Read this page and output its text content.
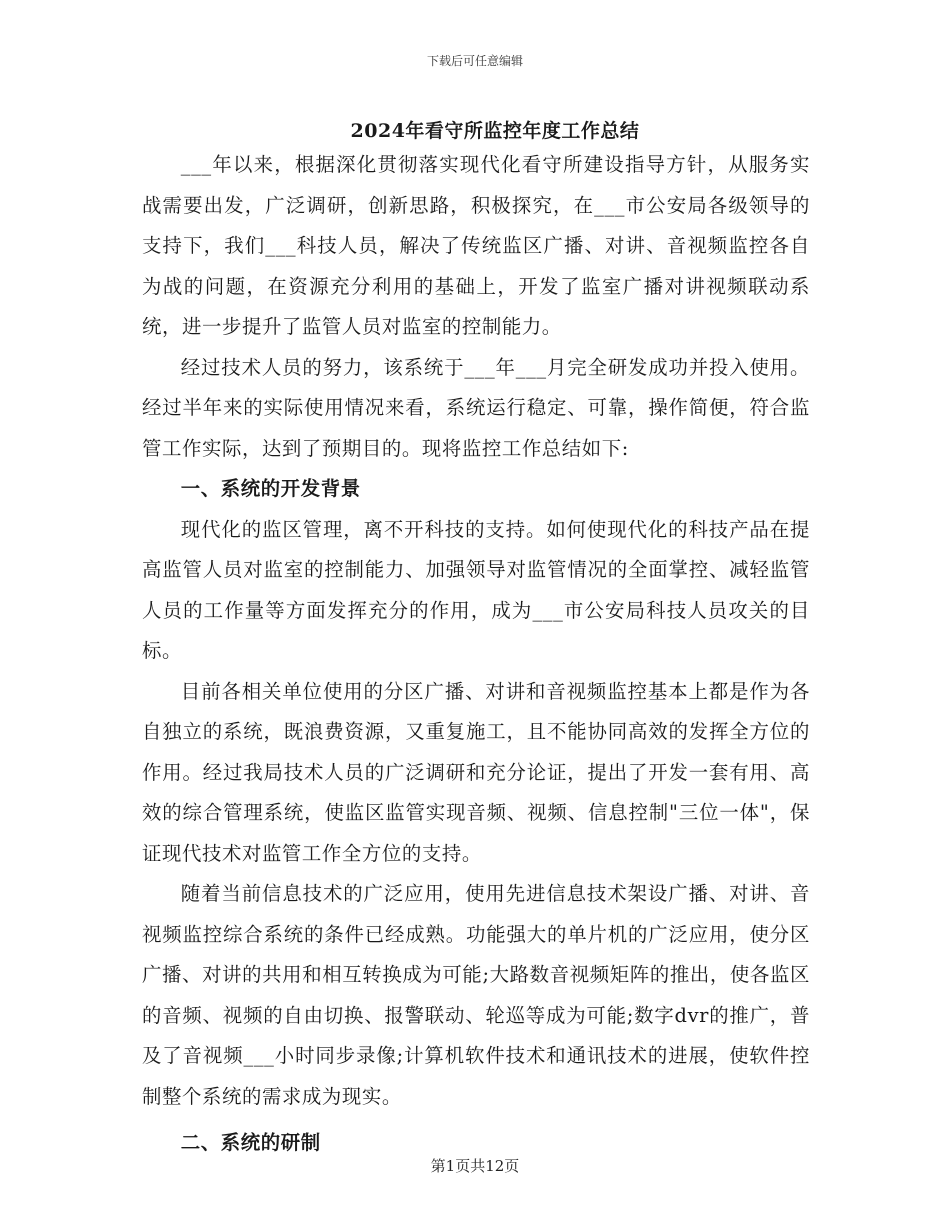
下载后可任意编辑
2024年看守所监控年度工作总结

___年以来，根据深化贯彻落实现代化看守所建设指导方针，从服务实战需要出发，广泛调研，创新思路，积极探究，在___市公安局各级领导的支持下，我们___科技人员，解决了传统监区广播、对讲、音视频监控各自为战的问题，在资源充分利用的基础上，开发了监室广播对讲视频联动系统，进一步提升了监管人员对监室的控制能力。

经过技术人员的努力，该系统于___年___月完全研发成功并投入使用。经过半年来的实际使用情况来看，系统运行稳定、可靠，操作简便，符合监管工作实际，达到了预期目的。现将监控工作总结如下:

一、系统的开发背景

现代化的监区管理，离不开科技的支持。如何使现代化的科技产品在提高监管人员对监室的控制能力、加强领导对监管情况的全面掌控、减轻监管人员的工作量等方面发挥充分的作用，成为___市公安局科技人员攻关的目标。

目前各相关单位使用的分区广播、对讲和音视频监控基本上都是作为各自独立的系统，既浪费资源，又重复施工，且不能协同高效的发挥全方位的作用。经过我局技术人员的广泛调研和充分论证，提出了开发一套有用、高效的综合管理系统，使监区监管实现音频、视频、信息控制"三位一体"，保证现代技术对监管工作全方位的支持。

随着当前信息技术的广泛应用，使用先进信息技术架设广播、对讲、音视频监控综合系统的条件已经成熟。功能强大的单片机的广泛应用，使分区广播、对讲的共用和相互转换成为可能;大路数音视频矩阵的推出，使各监区的音频、视频的自由切换、报警联动、轮巡等成为可能;数字dvr的推广，普及了音视频___小时同步录像;计算机软件技术和通讯技术的进展，使软件控制整个系统的需求成为现实。

二、系统的研制

第1页共12页
